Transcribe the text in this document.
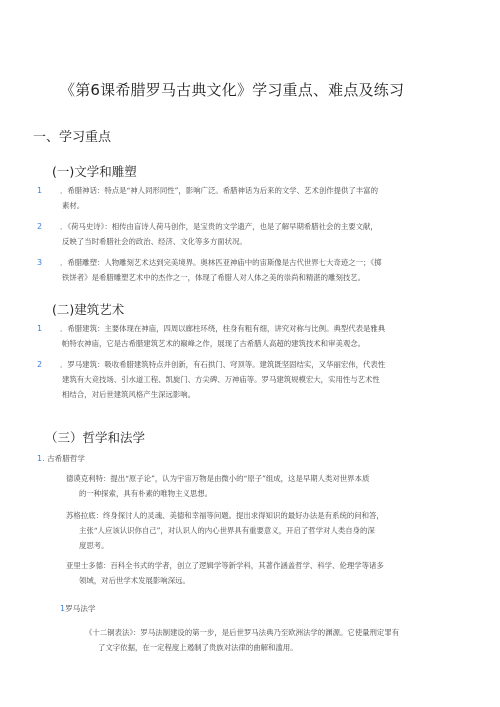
《第6课希腊罗马古典文化》学习重点、难点及练习
一、学习重点
(一)文学和雕塑
1 ．希腊神话：特点是“神人同形同性”，影响广泛。希腊神话为后来的文学、艺术创作提供了丰富的
素材。
2 ．《荷马史诗》：相传由盲诗人荷马创作，是宝贵的文学遗产，也是了解早期希腊社会的主要文献，
反映了当时希腊社会的政治、经济、文化等多方面状况。
3 ．希腊雕塑：人物雕刻艺术达到完美境界。奥林匹亚神庙中的宙斯像是古代世界七大奇迹之一；《掷
铁饼者》是希腊雕塑艺术中的杰作之一，体现了希腊人对人体之美的崇尚和精湛的雕刻技艺。
(二)建筑艺术
1 ．希腊建筑：主要体现在神庙，四周以廊柱环绕，柱身有粗有细，讲究对称与比例。典型代表是雅典
帕特农神庙，它是古希腊建筑艺术的巅峰之作，展现了古希腊人高超的建筑技术和审美观念。
2 ．罗马建筑：吸收希腊建筑特点并创新，有石拱门、穹顶等。建筑既坚固结实，又华丽宏伟，代表性
建筑有大竞技场、引水道工程、凯旋门、方尖碑、万神庙等。罗马建筑规模宏大，实用性与艺术性
相结合，对后世建筑风格产生深远影响。
（三）哲学和法学
1. 古希腊哲学
德谟克利特：提出“原子论”，认为宇宙万物是由微小的“原子”组成，这是早期人类对世界本质
的一种探索，具有朴素的唯物主义思想。
苏格拉底：终身探讨人的灵魂、美德和幸福等问题。提出求得知识的最好办法是有系统的问和答，
主张“人应该认识你自己”，对认识人的内心世界具有重要意义，开启了哲学对人类自身的深
度思考。
亚里士多德：百科全书式的学者，创立了逻辑学等新学科，其著作涵盖哲学、科学、伦理学等诸多
领域，对后世学术发展影响深远。
1罗马法学
《十二铜表法》：罗马法制建设的第一步，是后世罗马法典乃至欧洲法学的渊源。它使量刑定罪有
了文字依据，在一定程度上遏制了贵族对法律的曲解和滥用。
